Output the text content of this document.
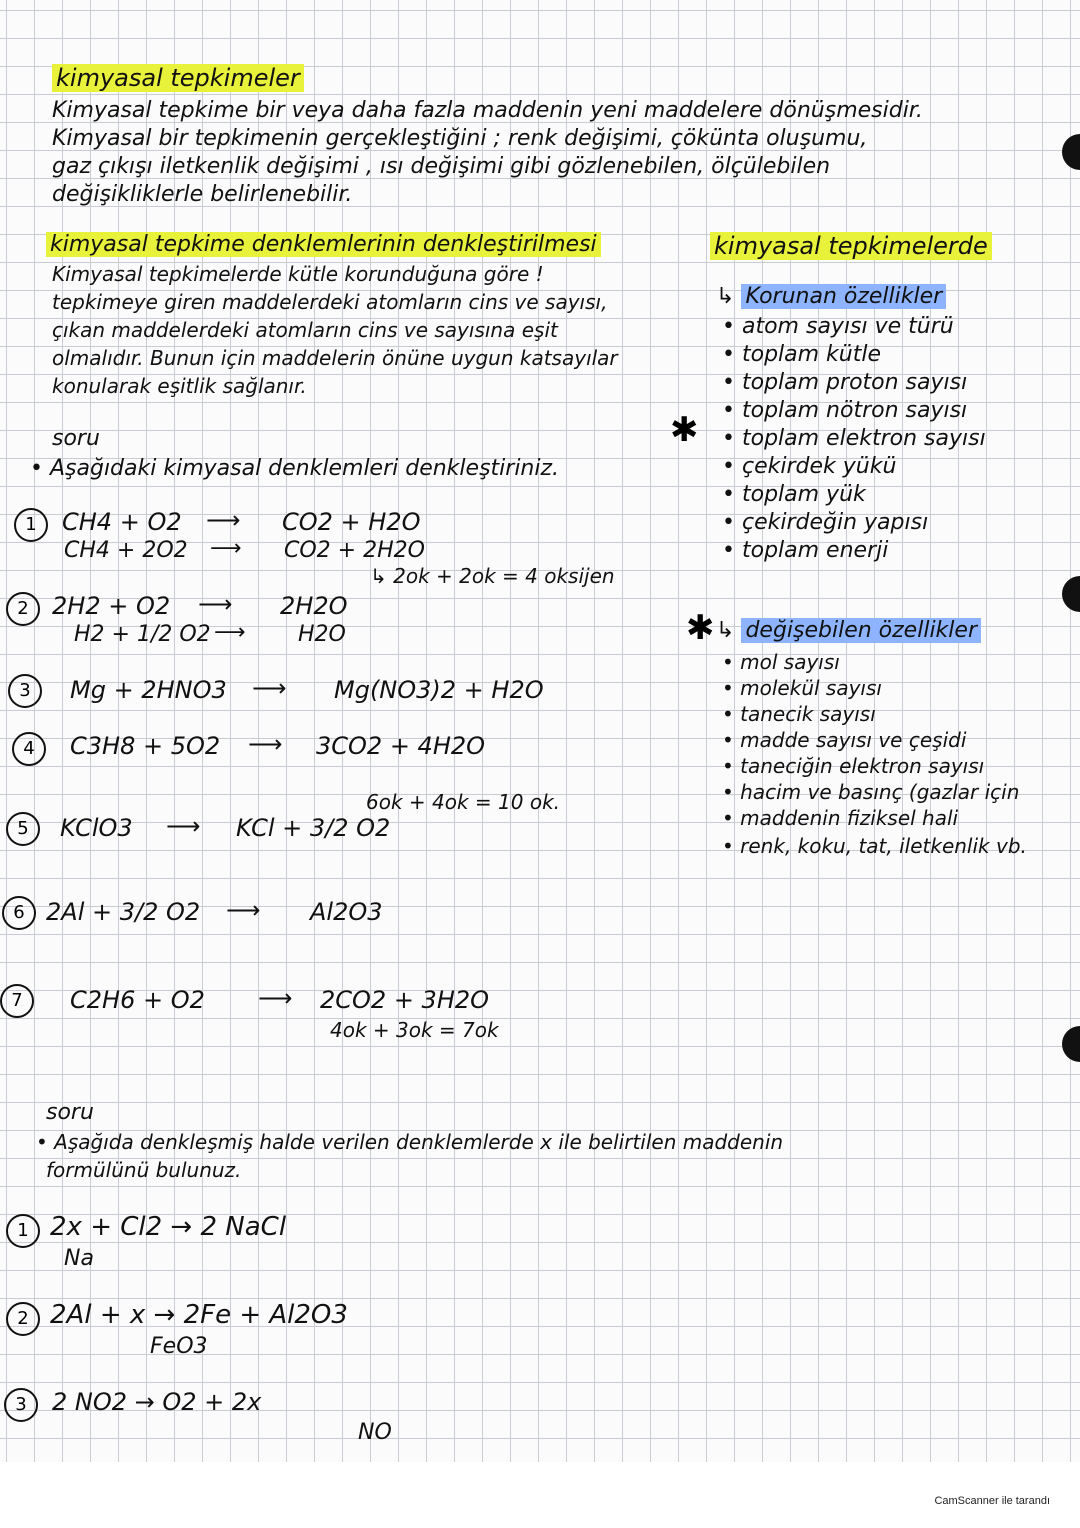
kimyasal tepkimeler
Kimyasal tepkime bir veya daha fazla maddenin yeni maddelere dönüşmesidir.
Kimyasal bir tepkimenin gerçekleştiğini ; renk değişimi, çökünta oluşumu,
gaz çıkışı iletkenlik değişimi , ısı değişimi gibi gözlenebilen, ölçülebilen
değişikliklerle belirlenebilir.
kimyasal tepkime denklemlerinin denkleştirilmesi
Kimyasal tepkimelerde kütle korunduğuna göre !
tepkimeye giren maddelerdeki atomların cins ve sayısı,
çıkan maddelerdeki atomların cins ve sayısına eşit
olmalıdır. Bunun için maddelerin önüne uygun katsayılar
konularak eşitlik sağlanır.
kimyasal tepkimelerde
↳ Korunan özellikler
• atom sayısı ve türü
• toplam kütle
• toplam proton sayısı
• toplam nötron sayısı
• toplam elektron sayısı
• çekirdek yükü
• toplam yük
• çekirdeğin yapısı
• toplam enerji
✱
↳ değişebilen özellikler
✱
• mol sayısı
• molekül sayısı
• tanecik sayısı
• madde sayısı ve çeşidi
• taneciğin elektron sayısı
• hacim ve basınç (gazlar için
• maddenin fiziksel hali
• renk, koku, tat, iletkenlik vb.
soru
• Aşağıdaki kimyasal denklemleri denkleştiriniz.
1	CH4 + O2 ⟶ CO2 + H2O
CH4 + 2O2 ⟶ CO2 + 2H2O
↳ 2ok + 2ok = 4 oksijen
2 2H2 + O2 ⟶ 2H2O
H2 + 1/2 O2 ⟶ H2O
3	Mg + 2HNO3 ⟶ Mg(NO3)2 + H2O
4	C3H8 + 5O2 ⟶ 3CO2 + 4H2O
6ok + 4ok = 10 ok.
5	KClO3 ⟶ KCl + 3/2 O2
6 2Al + 3/2 O2 ⟶ Al2O3
7	C2H6 + O2 ⟶ 2CO2 + 3H2O
4ok + 3ok = 7ok
soru
• Aşağıda denkleşmiş halde verilen denklemlerde x ile belirtilen maddenin
formülünü bulunuz.
1 2x + Cl2 → 2 NaCl
Na
2 2Al + x → 2Fe + Al2O3
FeO3
3	2 NO2 → O2 + 2x
NO
CamScanner ile tarandı
